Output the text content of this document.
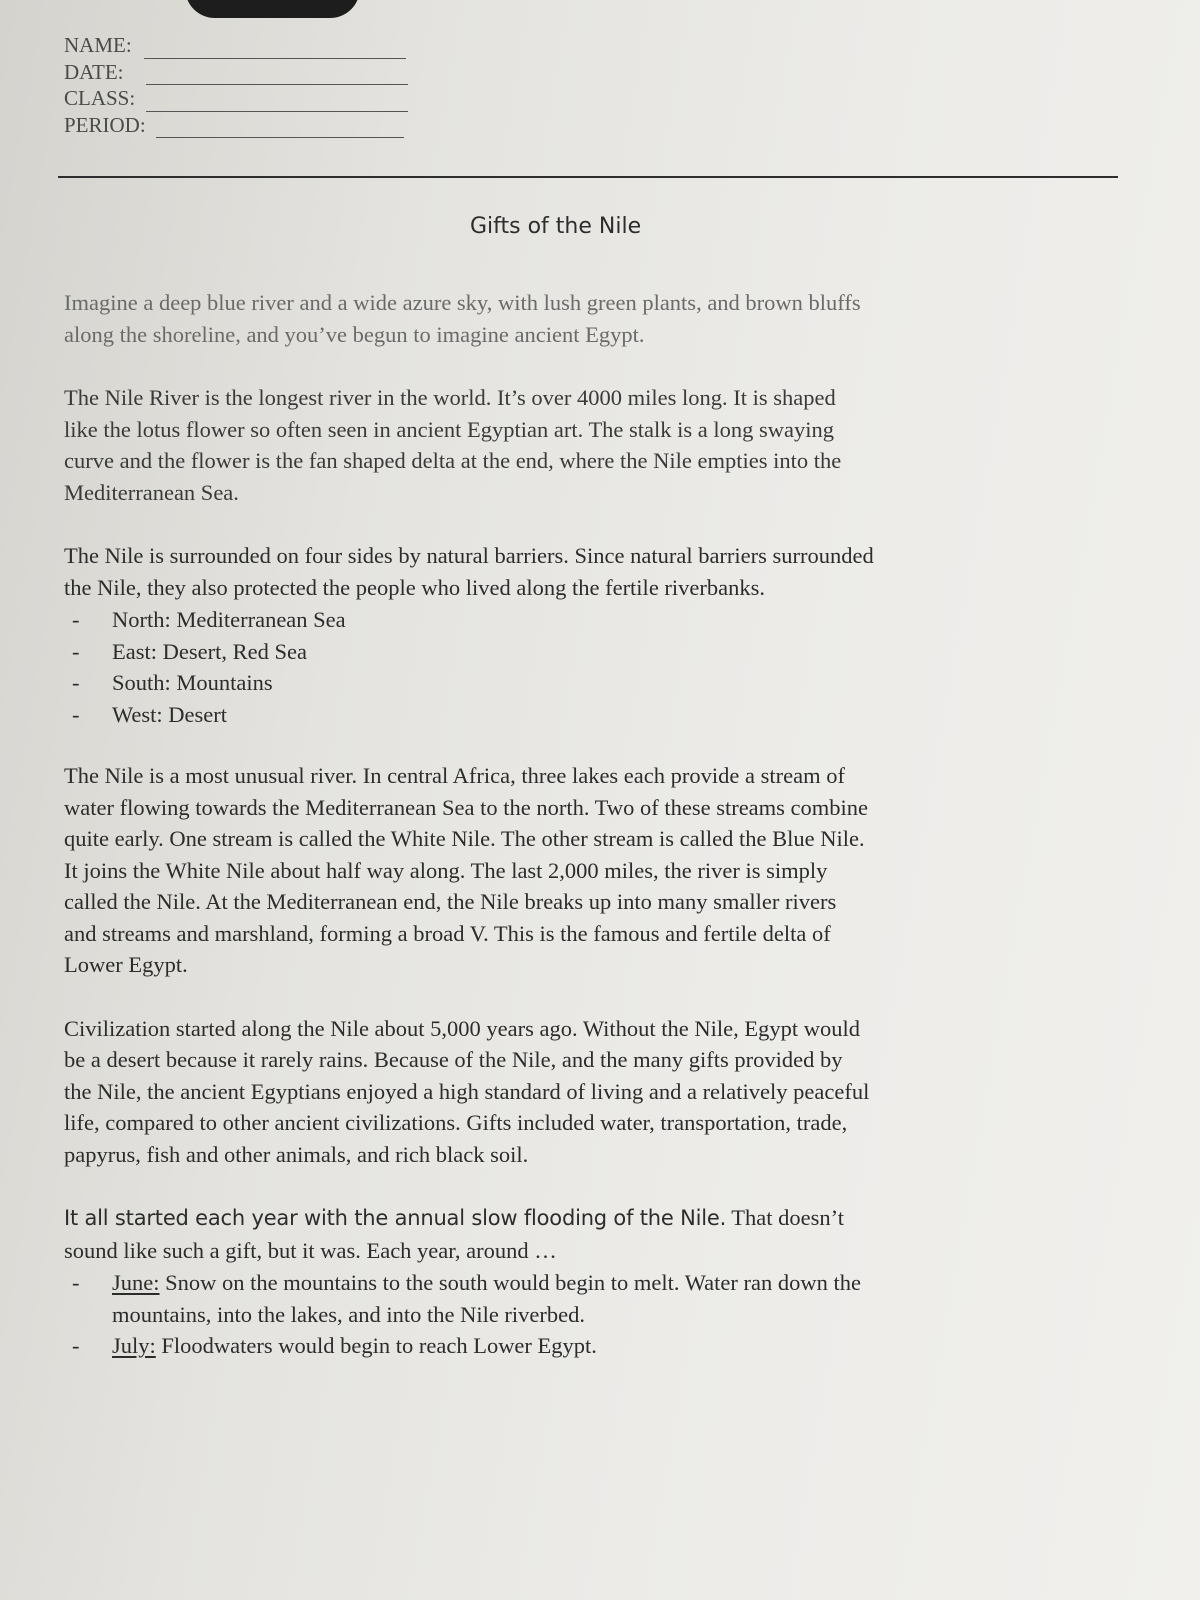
NAME:
DATE:
CLASS:
PERIOD:
Gifts of the Nile
Imagine a deep blue river and a wide azure sky, with lush green plants, and brown bluffs
along the shoreline, and you’ve begun to imagine ancient Egypt.
The Nile River is the longest river in the world. It’s over 4000 miles long. It is shaped
like the lotus flower so often seen in ancient Egyptian art. The stalk is a long swaying
curve and the flower is the fan shaped delta at the end, where the Nile empties into the
Mediterranean Sea.
The Nile is surrounded on four sides by natural barriers. Since natural barriers surrounded
the Nile, they also protected the people who lived along the fertile riverbanks.
- North: Mediterranean Sea
- East: Desert, Red Sea
- South: Mountains
- West: Desert
The Nile is a most unusual river. In central Africa, three lakes each provide a stream of
water flowing towards the Mediterranean Sea to the north. Two of these streams combine
quite early. One stream is called the White Nile. The other stream is called the Blue Nile.
It joins the White Nile about half way along. The last 2,000 miles, the river is simply
called the Nile. At the Mediterranean end, the Nile breaks up into many smaller rivers
and streams and marshland, forming a broad V. This is the famous and fertile delta of
Lower Egypt.
Civilization started along the Nile about 5,000 years ago. Without the Nile, Egypt would
be a desert because it rarely rains. Because of the Nile, and the many gifts provided by
the Nile, the ancient Egyptians enjoyed a high standard of living and a relatively peaceful
life, compared to other ancient civilizations. Gifts included water, transportation, trade,
papyrus, fish and other animals, and rich black soil.
It all started each year with the annual slow flooding of the Nile. That doesn’t
sound like such a gift, but it was. Each year, around …
- June: Snow on the mountains to the south would begin to melt. Water ran down the
mountains, into the lakes, and into the Nile riverbed.
- July: Floodwaters would begin to reach Lower Egypt.
